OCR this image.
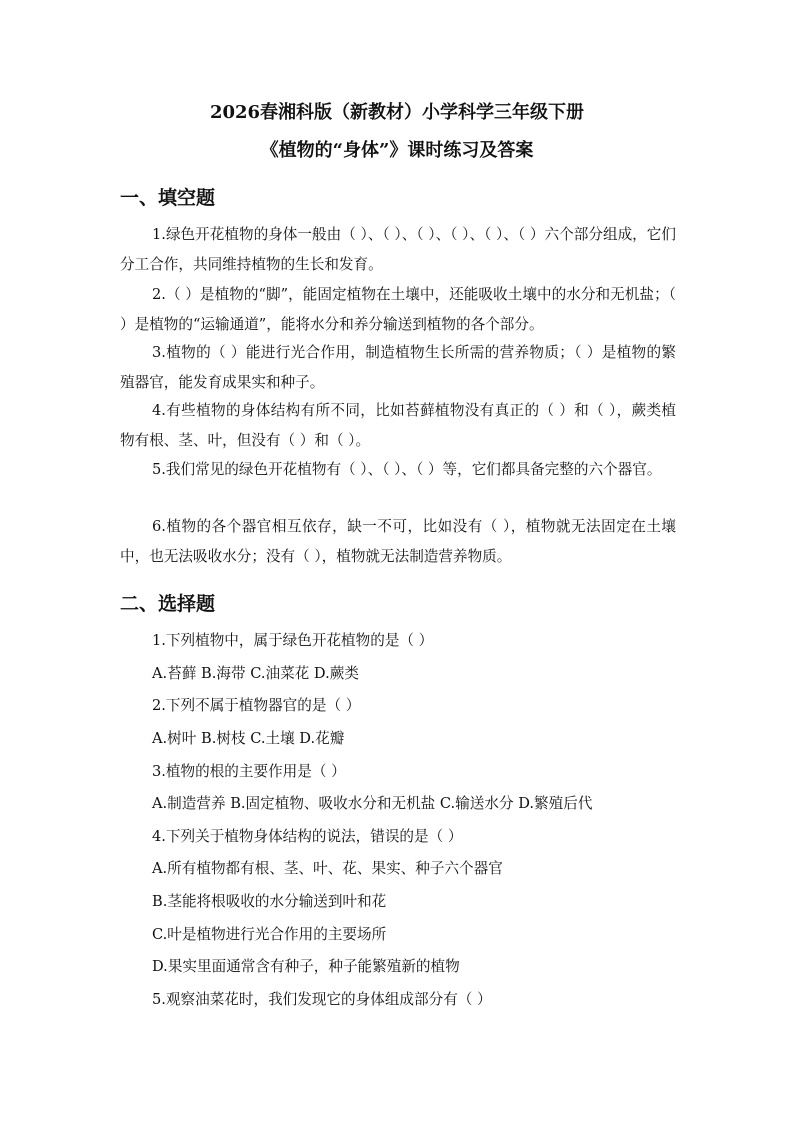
2026春湘科版（新教材）小学科学三年级下册
《植物的“身体”》课时练习及答案
一、填空题
1.绿色开花植物的身体一般由（ ）、（ ）、（ ）、（ ）、（ ）、（ ）六个部分组成，它们分工合作，共同维持植物的生长和发育。
2.（ ）是植物的“脚”，能固定植物在土壤中，还能吸收土壤中的水分和无机盐；（ ）是植物的“运输通道”，能将水分和养分输送到植物的各个部分。
3.植物的（ ）能进行光合作用，制造植物生长所需的营养物质；（ ）是植物的繁殖器官，能发育成果实和种子。
4.有些植物的身体结构有所不同，比如苔藓植物没有真正的（ ）和（ ），蕨类植物有根、茎、叶，但没有（ ）和（ ）。
5.我们常见的绿色开花植物有（ ）、（ ）、（ ）等，它们都具备完整的六个器官。
6.植物的各个器官相互依存，缺一不可，比如没有（ ），植物就无法固定在土壤中，也无法吸收水分；没有（ ），植物就无法制造营养物质。
二、选择题
1.下列植物中，属于绿色开花植物的是（ ）
A.苔藓 B.海带 C.油菜花 D.蕨类
2.下列不属于植物器官的是（ ）
A.树叶 B.树枝 C.土壤 D.花瓣
3.植物的根的主要作用是（ ）
A.制造营养 B.固定植物、吸收水分和无机盐 C.输送水分 D.繁殖后代
4.下列关于植物身体结构的说法，错误的是（ ）
A.所有植物都有根、茎、叶、花、果实、种子六个器官
B.茎能将根吸收的水分输送到叶和花
C.叶是植物进行光合作用的主要场所
D.果实里面通常含有种子，种子能繁殖新的植物
5.观察油菜花时，我们发现它的身体组成部分有（ ）
